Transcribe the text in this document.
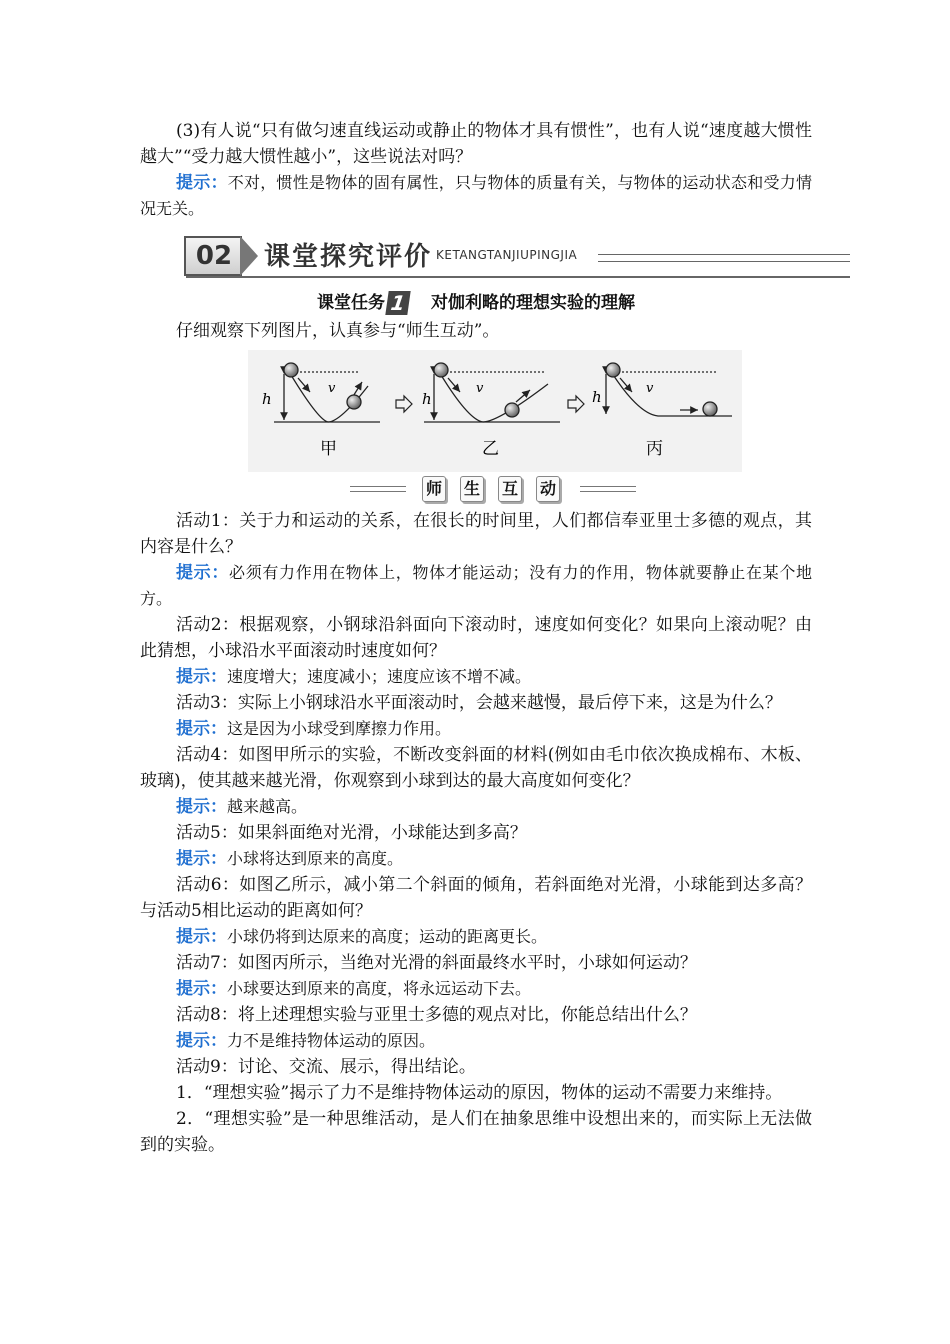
(3)有人说“只有做匀速直线运动或静止的物体才具有惯性”，也有人说“速度越大惯性越大”“受力越大惯性越小”，这些说法对吗？

提示：不对，惯性是物体的固有属性，只与物体的质量有关，与物体的运动状态和受力情况无关。

02	课堂探究评价 KETANGTANJIUPINGJIA
课堂任务 1 对伽利略的理想实验的理解

仔细观察下列图片，认真参与“师生互动”。

h
v
甲
h
v
乙
h	v
丙
师 生 互 动

活动1：关于力和运动的关系，在很长的时间里，人们都信奉亚里士多德的观点，其内容是什么？

提示：必须有力作用在物体上，物体才能运动；没有力的作用，物体就要静止在某个地方。

活动2：根据观察，小钢球沿斜面向下滚动时，速度如何变化？如果向上滚动呢？由此猜想，小球沿水平面滚动时速度如何？

提示：速度增大；速度减小；速度应该不增不减。

活动3：实际上小钢球沿水平面滚动时，会越来越慢，最后停下来，这是为什么？

提示：这是因为小球受到摩擦力作用。

活动4：如图甲所示的实验，不断改变斜面的材料(例如由毛巾依次换成棉布、木板、玻璃)，使其越来越光滑，你观察到小球到达的最大高度如何变化？

提示：越来越高。

活动5：如果斜面绝对光滑，小球能达到多高？

提示：小球将达到原来的高度。

活动6：如图乙所示，减小第二个斜面的倾角，若斜面绝对光滑，小球能到达多高？与活动5相比运动的距离如何？

提示：小球仍将到达原来的高度；运动的距离更长。

活动7：如图丙所示，当绝对光滑的斜面最终水平时，小球如何运动？

提示：小球要达到原来的高度，将永远运动下去。

活动8：将上述理想实验与亚里士多德的观点对比，你能总结出什么？

提示：力不是维持物体运动的原因。

活动9：讨论、交流、展示，得出结论。

1．“理想实验”揭示了力不是维持物体运动的原因，物体的运动不需要力来维持。

2．“理想实验”是一种思维活动，是人们在抽象思维中设想出来的，而实际上无法做到的实验。
